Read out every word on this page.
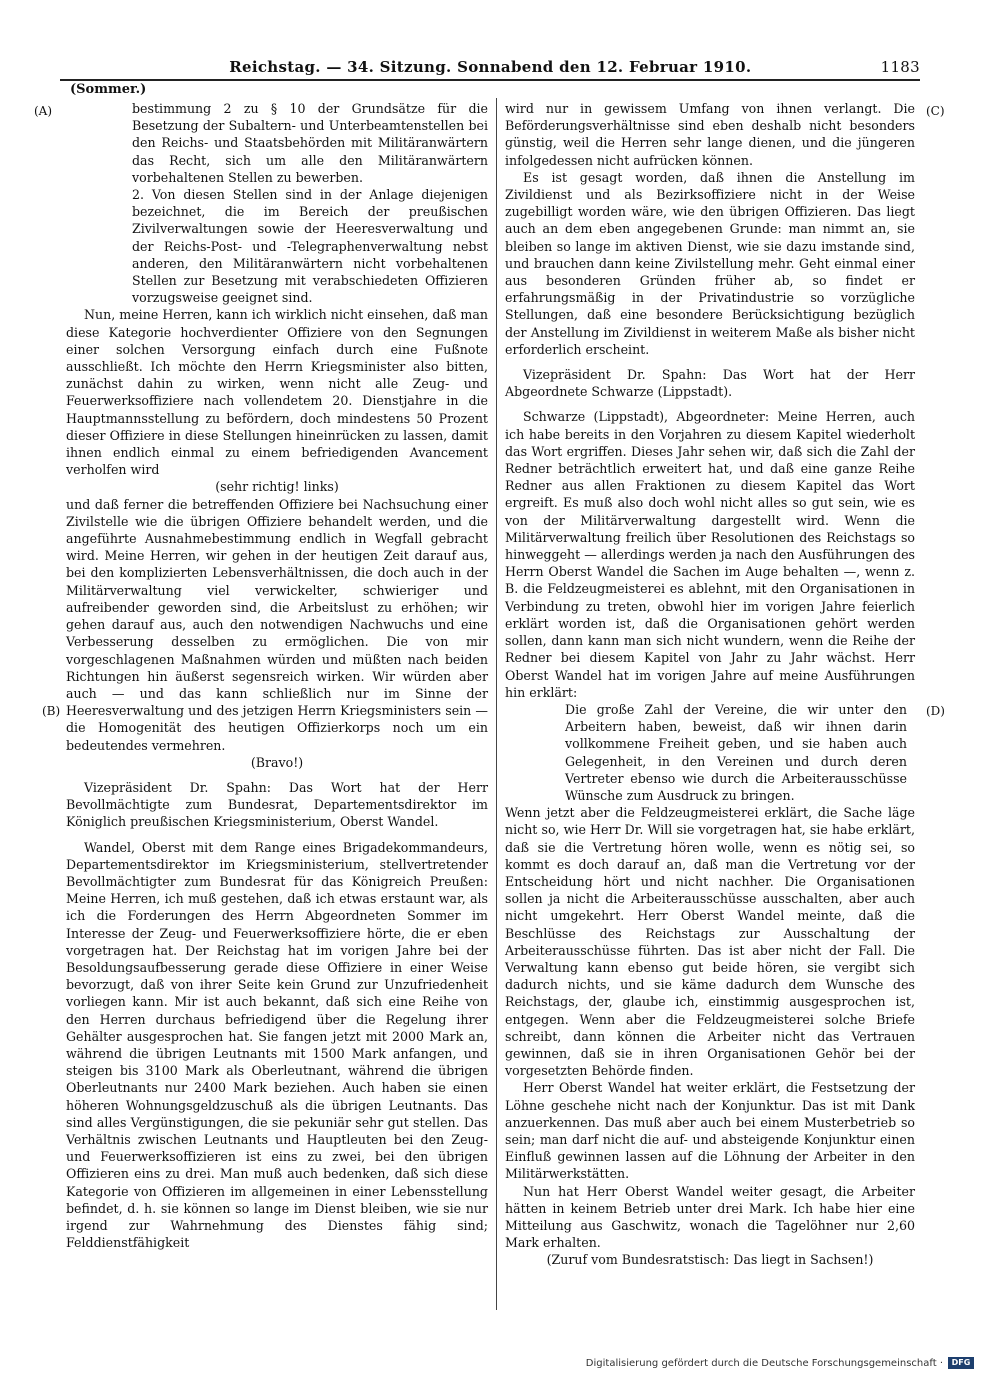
Reichstag. — 34. Sitzung. Sonnabend den 12. Februar 1910.	1183
(Sommer.)
(A)
(B)
(C)
(D)

bestimmung 2 zu § 10 der Grundsätze für die Besetzung der Subaltern- und Unterbeamtenstellen bei den Reichs- und Staatsbehörden mit Militäranwärtern das Recht, sich um alle den Militäranwärtern vorbehaltenen Stellen zu bewerben.

2. Von diesen Stellen sind in der Anlage diejenigen bezeichnet, die im Bereich der preußischen Zivilverwaltungen sowie der Heeresverwaltung und der Reichs-Post- und -Telegraphenverwaltung nebst anderen, den Militäranwärtern nicht vorbehaltenen Stellen zur Besetzung mit verabschiedeten Offizieren vorzugsweise geeignet sind.

Nun, meine Herren, kann ich wirklich nicht einsehen, daß man diese Kategorie hochverdienter Offiziere von den Segnungen einer solchen Versorgung einfach durch eine Fußnote ausschließt. Ich möchte den Herrn Kriegsminister also bitten, zunächst dahin zu wirken, wenn nicht alle Zeug- und Feuerwerksoffiziere nach vollendetem 20. Dienstjahre in die Hauptmannsstellung zu befördern, doch mindestens 50 Prozent dieser Offiziere in diese Stellungen hineinrücken zu lassen, damit ihnen endlich einmal zu einem befriedigenden Avancement verholfen wird

(sehr richtig! links)

und daß ferner die betreffenden Offiziere bei Nachsuchung einer Zivilstelle wie die übrigen Offiziere behandelt werden, und die angeführte Ausnahmebestimmung endlich in Wegfall gebracht wird. Meine Herren, wir gehen in der heutigen Zeit darauf aus, bei den komplizierten Lebensverhältnissen, die doch auch in der Militärverwaltung viel verwickelter, schwieriger und aufreibender geworden sind, die Arbeitslust zu erhöhen; wir gehen darauf aus, auch den notwendigen Nachwuchs und eine Verbesserung desselben zu ermöglichen. Die von mir vorgeschlagenen Maßnahmen würden und müßten nach beiden Richtungen hin äußerst segensreich wirken. Wir würden aber auch — und das kann schließlich nur im Sinne der Heeresverwaltung und des jetzigen Herrn Kriegsministers sein — die Homogenität des heutigen Offizierkorps noch um ein bedeutendes vermehren.

(Bravo!)

Vizepräsident Dr. Spahn: Das Wort hat der Herr Bevollmächtigte zum Bundesrat, Departementsdirektor im Königlich preußischen Kriegsministerium, Oberst Wandel.

Wandel, Oberst mit dem Range eines Brigadekommandeurs, Departementsdirektor im Kriegsministerium, stellvertretender Bevollmächtigter zum Bundesrat für das Königreich Preußen: Meine Herren, ich muß gestehen, daß ich etwas erstaunt war, als ich die Forderungen des Herrn Abgeordneten Sommer im Interesse der Zeug- und Feuerwerksoffiziere hörte, die er eben vorgetragen hat. Der Reichstag hat im vorigen Jahre bei der Besoldungsaufbesserung gerade diese Offiziere in einer Weise bevorzugt, daß von ihrer Seite kein Grund zur Unzufriedenheit vorliegen kann. Mir ist auch bekannt, daß sich eine Reihe von den Herren durchaus befriedigend über die Regelung ihrer Gehälter ausgesprochen hat. Sie fangen jetzt mit 2000 Mark an, während die übrigen Leutnants mit 1500 Mark anfangen, und steigen bis 3100 Mark als Oberleutnant, während die übrigen Oberleutnants nur 2400 Mark beziehen. Auch haben sie einen höheren Wohnungsgeldzuschuß als die übrigen Leutnants. Das sind alles Vergünstigungen, die sie pekuniär sehr gut stellen. Das Verhältnis zwischen Leutnants und Hauptleuten bei den Zeug- und Feuerwerksoffizieren ist eins zu zwei, bei den übrigen Offizieren eins zu drei. Man muß auch bedenken, daß sich diese Kategorie von Offizieren im allgemeinen in einer Lebensstellung befindet, d. h. sie können so lange im Dienst bleiben, wie sie nur irgend zur Wahrnehmung des Dienstes fähig sind; Felddienstfähigkeit

wird nur in gewissem Umfang von ihnen verlangt. Die Beförderungsverhältnisse sind eben deshalb nicht besonders günstig, weil die Herren sehr lange dienen, und die jüngeren infolgedessen nicht aufrücken können.

Es ist gesagt worden, daß ihnen die Anstellung im Zivildienst und als Bezirksoffiziere nicht in der Weise zugebilligt worden wäre, wie den übrigen Offizieren. Das liegt auch an dem eben angegebenen Grunde: man nimmt an, sie bleiben so lange im aktiven Dienst, wie sie dazu imstande sind, und brauchen dann keine Zivilstellung mehr. Geht einmal einer aus besonderen Gründen früher ab, so findet er erfahrungsmäßig in der Privatindustrie so vorzügliche Stellungen, daß eine besondere Berücksichtigung bezüglich der Anstellung im Zivildienst in weiterem Maße als bisher nicht erforderlich erscheint.

Vizepräsident Dr. Spahn: Das Wort hat der Herr Abgeordnete Schwarze (Lippstadt).

Schwarze (Lippstadt), Abgeordneter: Meine Herren, auch ich habe bereits in den Vorjahren zu diesem Kapitel wiederholt das Wort ergriffen. Dieses Jahr sehen wir, daß sich die Zahl der Redner beträchtlich erweitert hat, und daß eine ganze Reihe Redner aus allen Fraktionen zu diesem Kapitel das Wort ergreift. Es muß also doch wohl nicht alles so gut sein, wie es von der Militärverwaltung dargestellt wird. Wenn die Militärverwaltung freilich über Resolutionen des Reichstags so hinweggeht — allerdings werden ja nach den Ausführungen des Herrn Oberst Wandel die Sachen im Auge behalten —, wenn z. B. die Feldzeugmeisterei es ablehnt, mit den Organisationen in Verbindung zu treten, obwohl hier im vorigen Jahre feierlich erklärt worden ist, daß die Organisationen gehört werden sollen, dann kann man sich nicht wundern, wenn die Reihe der Redner bei diesem Kapitel von Jahr zu Jahr wächst. Herr Oberst Wandel hat im vorigen Jahre auf meine Ausführungen hin erklärt:

Die große Zahl der Vereine, die wir unter den Arbeitern haben, beweist, daß wir ihnen darin vollkommene Freiheit geben, und sie haben auch Gelegenheit, in den Vereinen und durch deren Vertreter ebenso wie durch die Arbeiterausschüsse Wünsche zum Ausdruck zu bringen.

Wenn jetzt aber die Feldzeugmeisterei erklärt, die Sache läge nicht so, wie Herr Dr. Will sie vorgetragen hat, sie habe erklärt, daß sie die Vertretung hören wolle, wenn es nötig sei, so kommt es doch darauf an, daß man die Vertretung vor der Entscheidung hört und nicht nachher. Die Organisationen sollen ja nicht die Arbeiterausschüsse ausschalten, aber auch nicht umgekehrt. Herr Oberst Wandel meinte, daß die Beschlüsse des Reichstags zur Ausschaltung der Arbeiterausschüsse führten. Das ist aber nicht der Fall. Die Verwaltung kann ebenso gut beide hören, sie vergibt sich dadurch nichts, und sie käme dadurch dem Wunsche des Reichstags, der, glaube ich, einstimmig ausgesprochen ist, entgegen. Wenn aber die Feldzeugmeisterei solche Briefe schreibt, dann können die Arbeiter nicht das Vertrauen gewinnen, daß sie in ihren Organisationen Gehör bei der vorgesetzten Behörde finden.

Herr Oberst Wandel hat weiter erklärt, die Festsetzung der Löhne geschehe nicht nach der Konjunktur. Das ist mit Dank anzuerkennen. Das muß aber auch bei einem Musterbetrieb so sein; man darf nicht die auf- und absteigende Konjunktur einen Einfluß gewinnen lassen auf die Löhnung der Arbeiter in den Militärwerkstätten.

Nun hat Herr Oberst Wandel weiter gesagt, die Arbeiter hätten in keinem Betrieb unter drei Mark. Ich habe hier eine Mitteilung aus Gaschwitz, wonach die Tagelöhner nur 2,60 Mark erhalten.

(Zuruf vom Bundesratstisch: Das liegt in Sachsen!)

Digitalisierung gefördert durch die Deutsche Forschungsgemeinschaft ·	DFG
